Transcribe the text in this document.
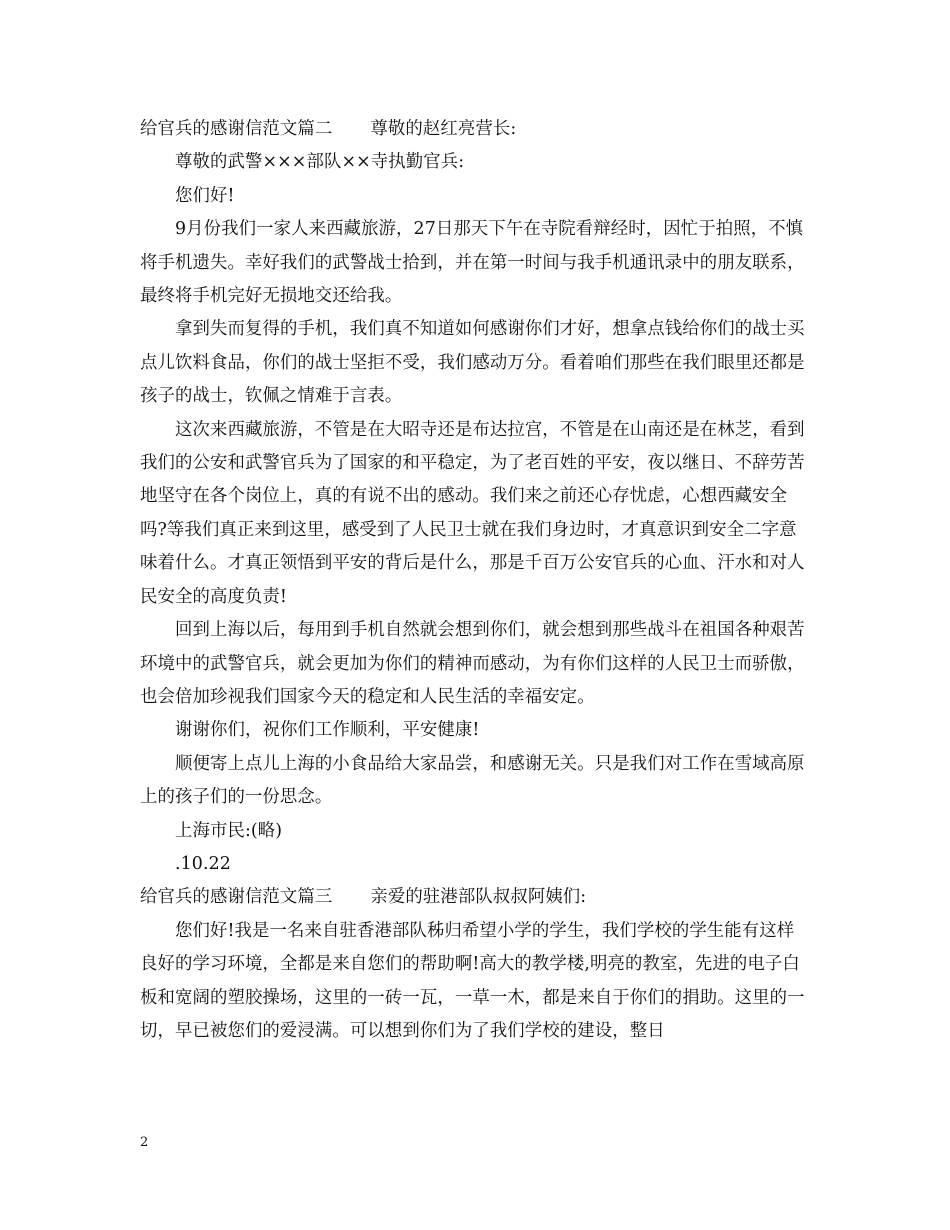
给官兵的感谢信范文篇二 尊敬的赵红亮营长:

尊敬的武警×××部队××寺执勤官兵:

您们好!

9月份我们一家人来西藏旅游，27日那天下午在寺院看辩经时，因忙于拍照，不慎将手机遗失。幸好我们的武警战士拾到，并在第一时间与我手机通讯录中的朋友联系，最终将手机完好无损地交还给我。

拿到失而复得的手机，我们真不知道如何感谢你们才好，想拿点钱给你们的战士买点儿饮料食品，你们的战士坚拒不受，我们感动万分。看着咱们那些在我们眼里还都是孩子的战士，钦佩之情难于言表。

这次来西藏旅游，不管是在大昭寺还是布达拉宫，不管是在山南还是在林芝，看到我们的公安和武警官兵为了国家的和平稳定，为了老百姓的平安，夜以继日、不辞劳苦地坚守在各个岗位上，真的有说不出的感动。我们来之前还心存忧虑，心想西藏安全吗?等我们真正来到这里，感受到了人民卫士就在我们身边时，才真意识到安全二字意味着什么。才真正领悟到平安的背后是什么，那是千百万公安官兵的心血、汗水和对人民安全的高度负责!

回到上海以后，每用到手机自然就会想到你们，就会想到那些战斗在祖国各种艰苦环境中的武警官兵，就会更加为你们的精神而感动，为有你们这样的人民卫士而骄傲，也会倍加珍视我们国家今天的稳定和人民生活的幸福安定。

谢谢你们，祝你们工作顺利，平安健康!

顺便寄上点儿上海的小食品给大家品尝，和感谢无关。只是我们对工作在雪域高原上的孩子们的一份思念。

上海市民:(略)

.10.22

给官兵的感谢信范文篇三 亲爱的驻港部队叔叔阿姨们:

您们好!我是一名来自驻香港部队秭归希望小学的学生，我们学校的学生能有这样良好的学习环境，全都是来自您们的帮助啊!高大的教学楼,明亮的教室，先进的电子白板和宽阔的塑胶操场，这里的一砖一瓦，一草一木，都是来自于你们的捐助。这里的一切，早已被您们的爱浸满。可以想到你们为了我们学校的建设，整日

2
